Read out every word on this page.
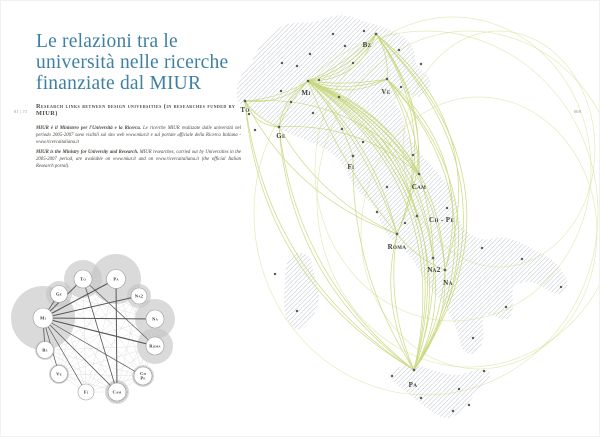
Bz
Mi	Ve
To
Ge
Fi
Cam
Ch - Pe
Roma
Na2
Na
Pa
To	Pa
Na2
Na
Roma
Ch Pe
Cam
Fi
Ve
Bz
Mi
Ge
01 | 71	008
Le relazioni tra le
università nelle ricerche
finanziate dal MIUR
Research links between design universities (in researches funded by MIUR)

MIUR è il Ministero per l'Università e la Ricerca. Le ricerche MIUR realizzate dalle università nel periodo 2005-2007 sono visibili sul sito web www.miur.it e sul portale ufficiale della Ricerca Italiana - www.ricercaitaliana.it

MIUR is the Ministry for University and Research. MIUR researches, carried out by Universities in the 2005-2007 period, are available on www.miur.it and on www.ricercaitaliana.it (the official Italian Research portal).
